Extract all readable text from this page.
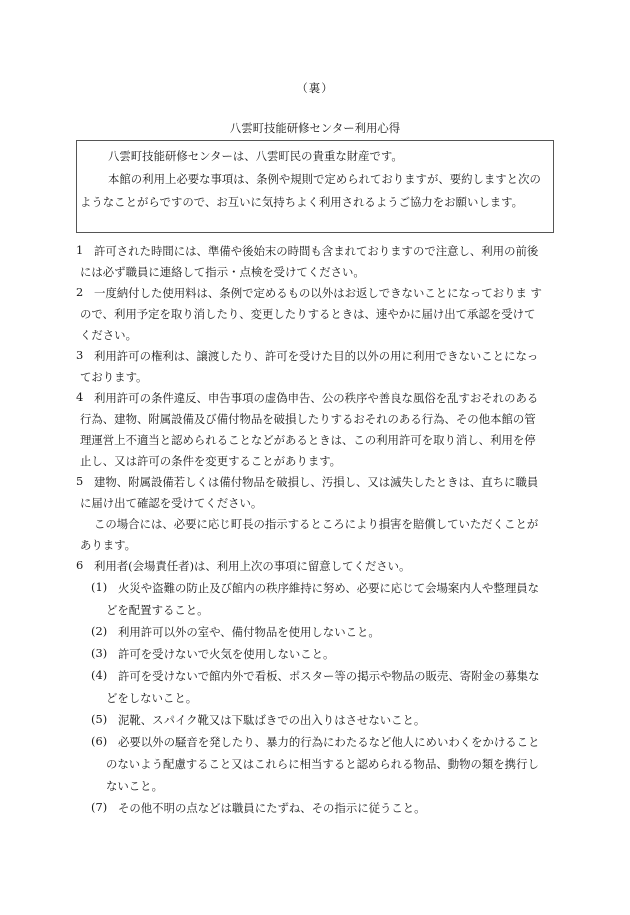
（裏）
八雲町技能研修センター利用心得
八雲町技能研修センターは、八雲町民の貴重な財産です。
本館の利用上必要な事項は、条例や規則で定められておりますが、要約しますと次の
ようなことがらですので、お互いに気持ちよく利用されるようご協力をお願いします。
1 許可された時間には、準備や後始末の時間も含まれておりますので注意し、利用の前後
には必ず職員に連絡して指示・点検を受けてください。
2 一度納付した使用料は、条例で定めるもの以外はお返しできないことになっておりま す
ので、利用予定を取り消したり、変更したりするときは、速やかに届け出て承認を受けて
ください。
3 利用許可の権利は、譲渡したり、許可を受けた目的以外の用に利用できないことになっ
ております。
4 利用許可の条件違反、申告事項の虚偽申告、公の秩序や善良な風俗を乱すおそれのある
行為、建物、附属設備及び備付物品を破損したりするおそれのある行為、その他本館の管
理運営上不適当と認められることなどがあるときは、この利用許可を取り消し、利用を停
止し、又は許可の条件を変更することがあります。
5 建物、附属設備若しくは備付物品を破損し、汚損し、又は滅失したときは、直ちに職員
に届け出て確認を受けてください。
この場合には、必要に応じ町長の指示するところにより損害を賠償していただくことが
あります。
6 利用者(会場責任者)は、利用上次の事項に留意してください。
(1) 火災や盗難の防止及び館内の秩序維持に努め、必要に応じて会場案内人や整理員な
どを配置すること。
(2) 利用許可以外の室や、備付物品を使用しないこと。
(3) 許可を受けないで火気を使用しないこと。
(4) 許可を受けないで館内外で看板、ポスター等の掲示や物品の販売、寄附金の募集な
どをしないこと。
(5) 泥靴、スパイク靴又は下駄ばきでの出入りはさせないこと。
(6) 必要以外の騒音を発したり、暴力的行為にわたるなど他人にめいわくをかけること
のないよう配慮すること又はこれらに相当すると認められる物品、動物の類を携行し
ないこと。
(7) その他不明の点などは職員にたずね、その指示に従うこと。
